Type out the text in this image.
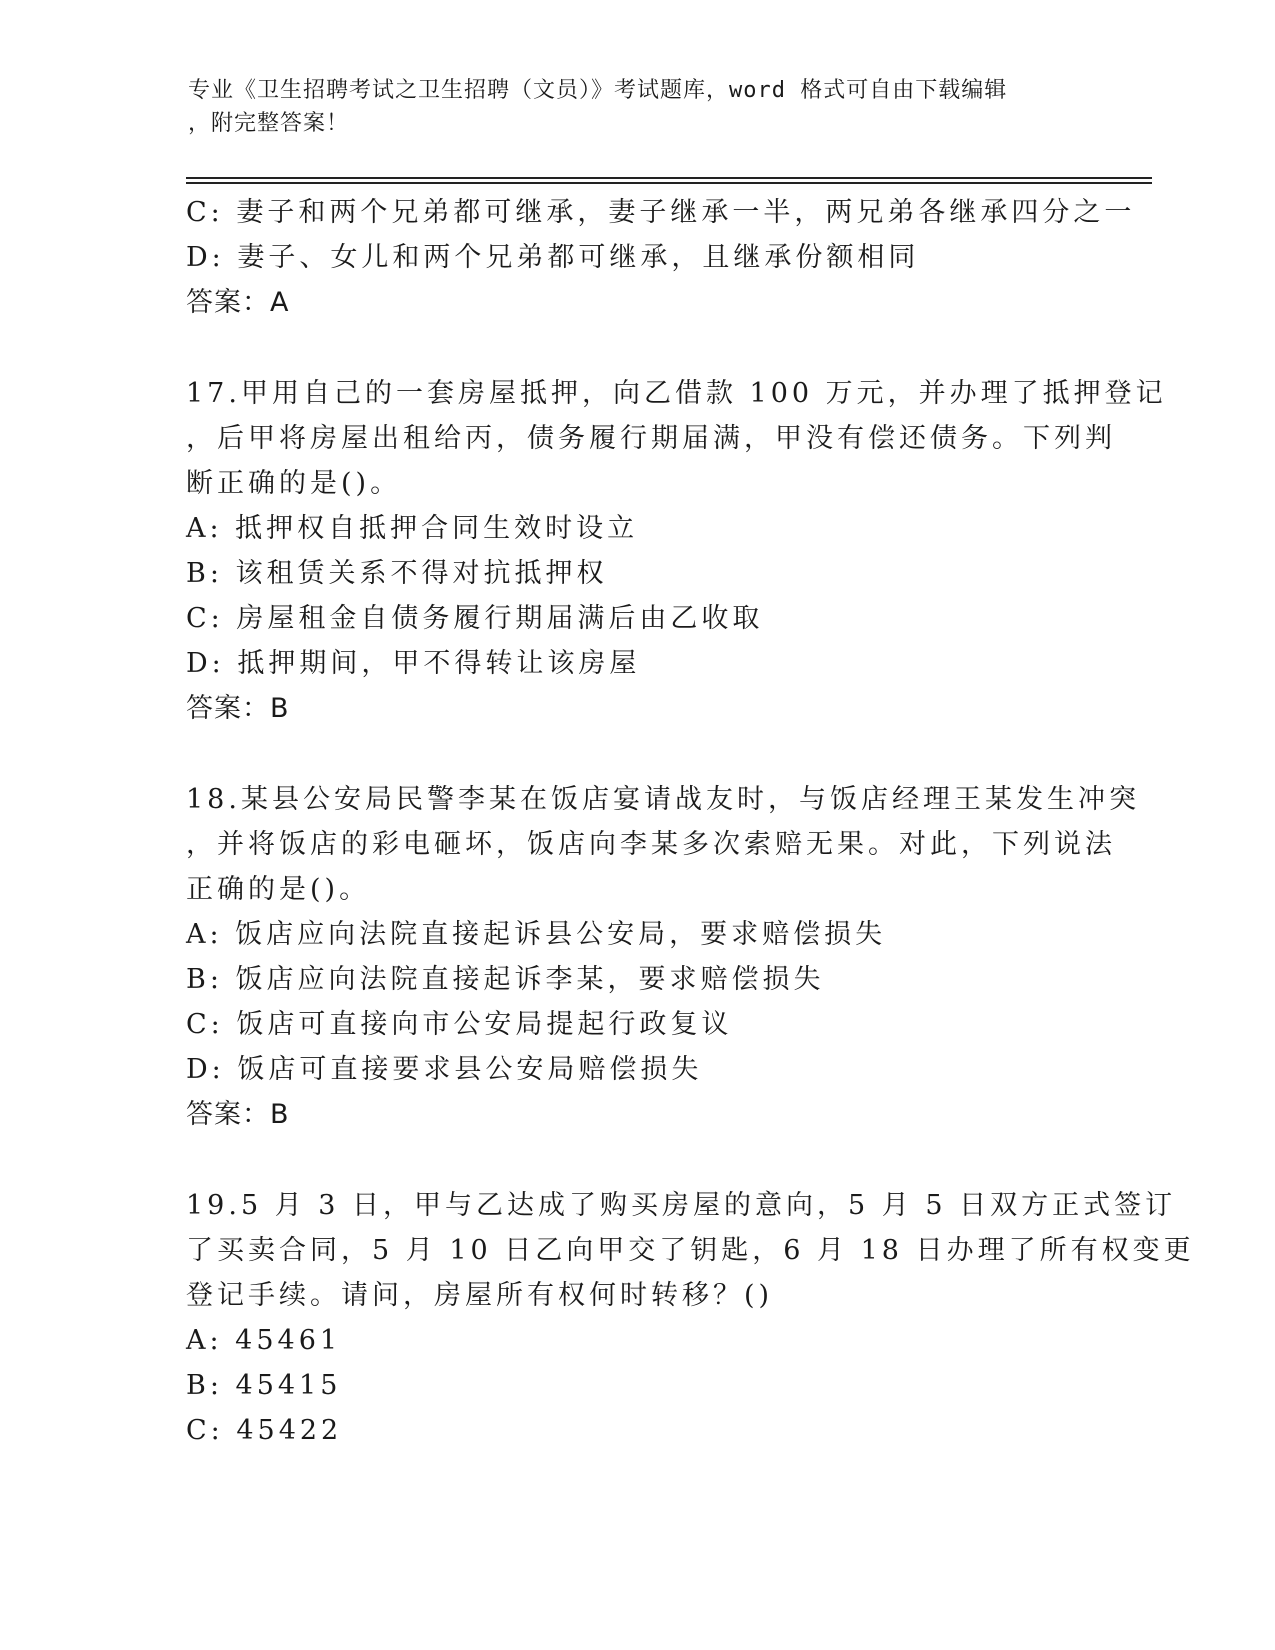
专业《卫生招聘考试之卫生招聘（文员）》考试题库，word 格式可自由下载编辑
，附完整答案！
C: 妻子和两个兄弟都可继承，妻子继承一半，两兄弟各继承四分之一
D: 妻子、女儿和两个兄弟都可继承，且继承份额相同
答案：A
17.甲用自己的一套房屋抵押，向乙借款 100 万元，并办理了抵押登记
，后甲将房屋出租给丙，债务履行期届满，甲没有偿还债务。下列判
断正确的是()。
A: 抵押权自抵押合同生效时设立
B: 该租赁关系不得对抗抵押权
C: 房屋租金自债务履行期届满后由乙收取
D: 抵押期间，甲不得转让该房屋
答案：B
18.某县公安局民警李某在饭店宴请战友时，与饭店经理王某发生冲突
，并将饭店的彩电砸坏，饭店向李某多次索赔无果。对此，下列说法
正确的是()。
A: 饭店应向法院直接起诉县公安局，要求赔偿损失
B: 饭店应向法院直接起诉李某，要求赔偿损失
C: 饭店可直接向市公安局提起行政复议
D: 饭店可直接要求县公安局赔偿损失
答案：B
19.5 月 3 日，甲与乙达成了购买房屋的意向，5 月 5 日双方正式签订
了买卖合同，5 月 10 日乙向甲交了钥匙，6 月 18 日办理了所有权变更
登记手续。请问，房屋所有权何时转移？()
A: 45461
B: 45415
C: 45422
